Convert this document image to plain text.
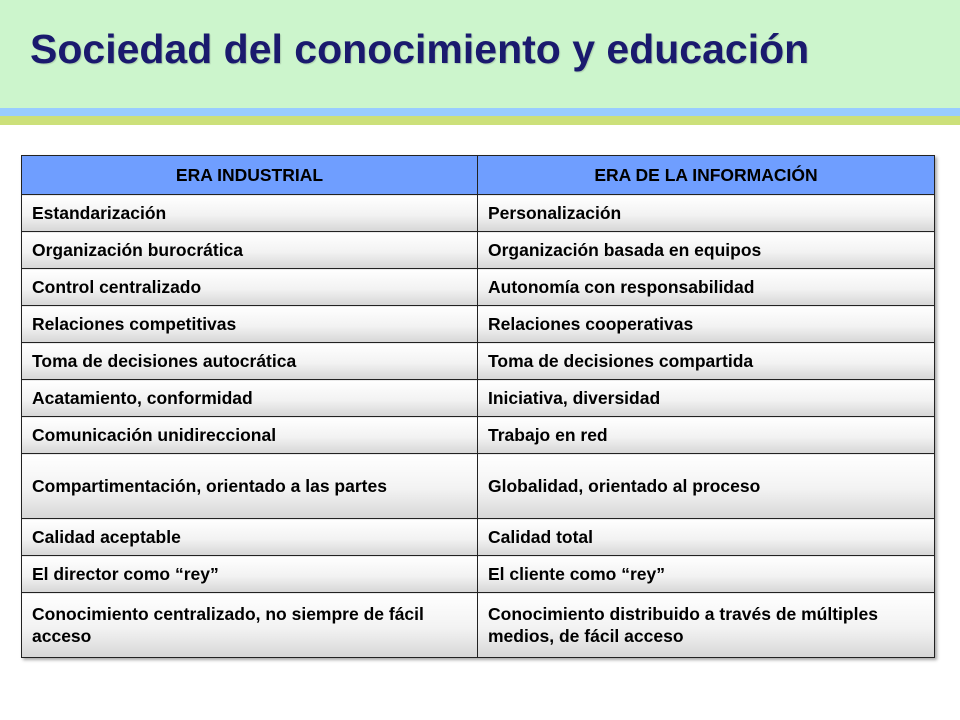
Sociedad del conocimiento y educación
ERA INDUSTRIAL	ERA DE LA INFORMACIÓN
Estandarización	Personalización
Organización burocrática	Organización basada en equipos
Control centralizado	Autonomía con responsabilidad
Relaciones competitivas	Relaciones cooperativas
Toma de decisiones autocrática	Toma de decisiones compartida
Acatamiento, conformidad	Iniciativa, diversidad
Comunicación unidireccional	Trabajo en red
Compartimentación, orientado a las partes	Globalidad, orientado al proceso
Calidad aceptable	Calidad total
El director como “rey”	El cliente como “rey”
Conocimiento centralizado, no siempre de fácil acceso	Conocimiento distribuido a través de múltiples medios, de fácil acceso
